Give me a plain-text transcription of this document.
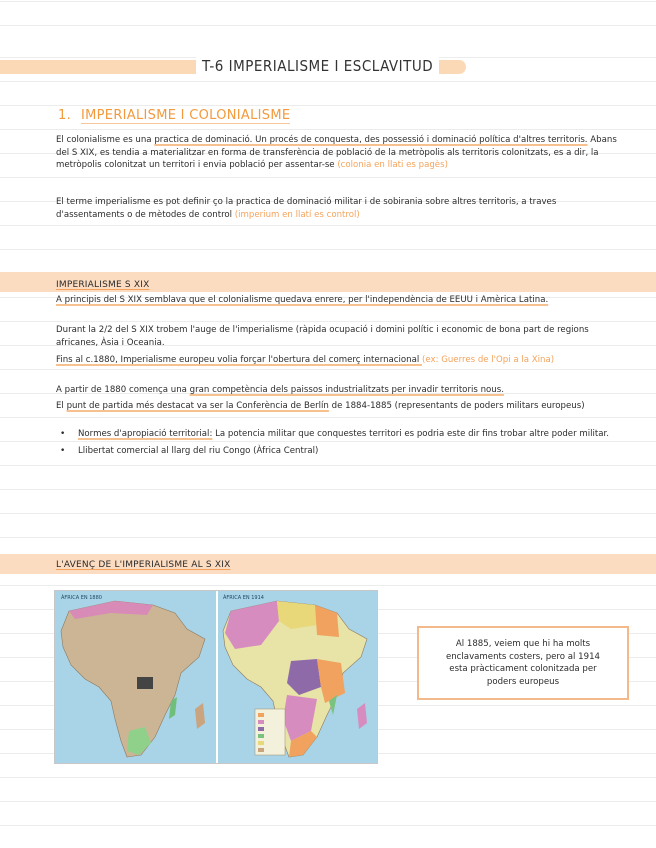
T-6 IMPERIALISME I ESCLAVITUD
1. IMPERIALISME I COLONIALISME
El colonialisme es una practica de dominació. Un procés de conquesta, des possessió i dominació política d'altres territoris. Abans del S XIX, es tendia a materialitzar en forma de transferència de població de la metròpolis als territoris colonitzats, es a dir, la metròpolis colonitzat un territori i envia població per assentar-se (colonia en llati es pagès)
El terme imperialisme es pot definir ço la practica de dominació militar i de sobirania sobre altres territoris, a traves d'assentaments o de mètodes de control (imperium en llatí es control)
IMPERIALISME S XIX
A principis del S XIX semblava que el colonialisme quedava enrere, per l'independència de EEUU i Amèrica Latina.
Durant la 2/2 del S XIX trobem l'auge de l'imperialisme (ràpida ocupació i domini polític i economic de bona part de regions africanes, Àsia i Oceania.
Fins al c.1880, Imperialisme europeu volia forçar l'obertura del comerç internacional (ex: Guerres de l'Opi a la Xina)
A partir de 1880 comença una gran competència dels paissos industrialitzats per invadir territoris nous.
El punt de partida més destacat va ser la Conferència de Berlín de 1884-1885 (representants de poders militars europeus)
• Normes d'apropiació territorial: La potencia militar que conquestes territori es podria este dir fins trobar altre poder militar.
• Llibertat comercial al llarg del riu Congo (Àfrica Central)
L'AVENÇ DE L'IMPERIALISME AL S XIX
ÀFRICA EN 1880	ÀFRICA EN 1914
Al 1885, veiem que hi ha molts enclavaments costers, pero al 1914 esta pràcticament colonitzada per poders europeus
